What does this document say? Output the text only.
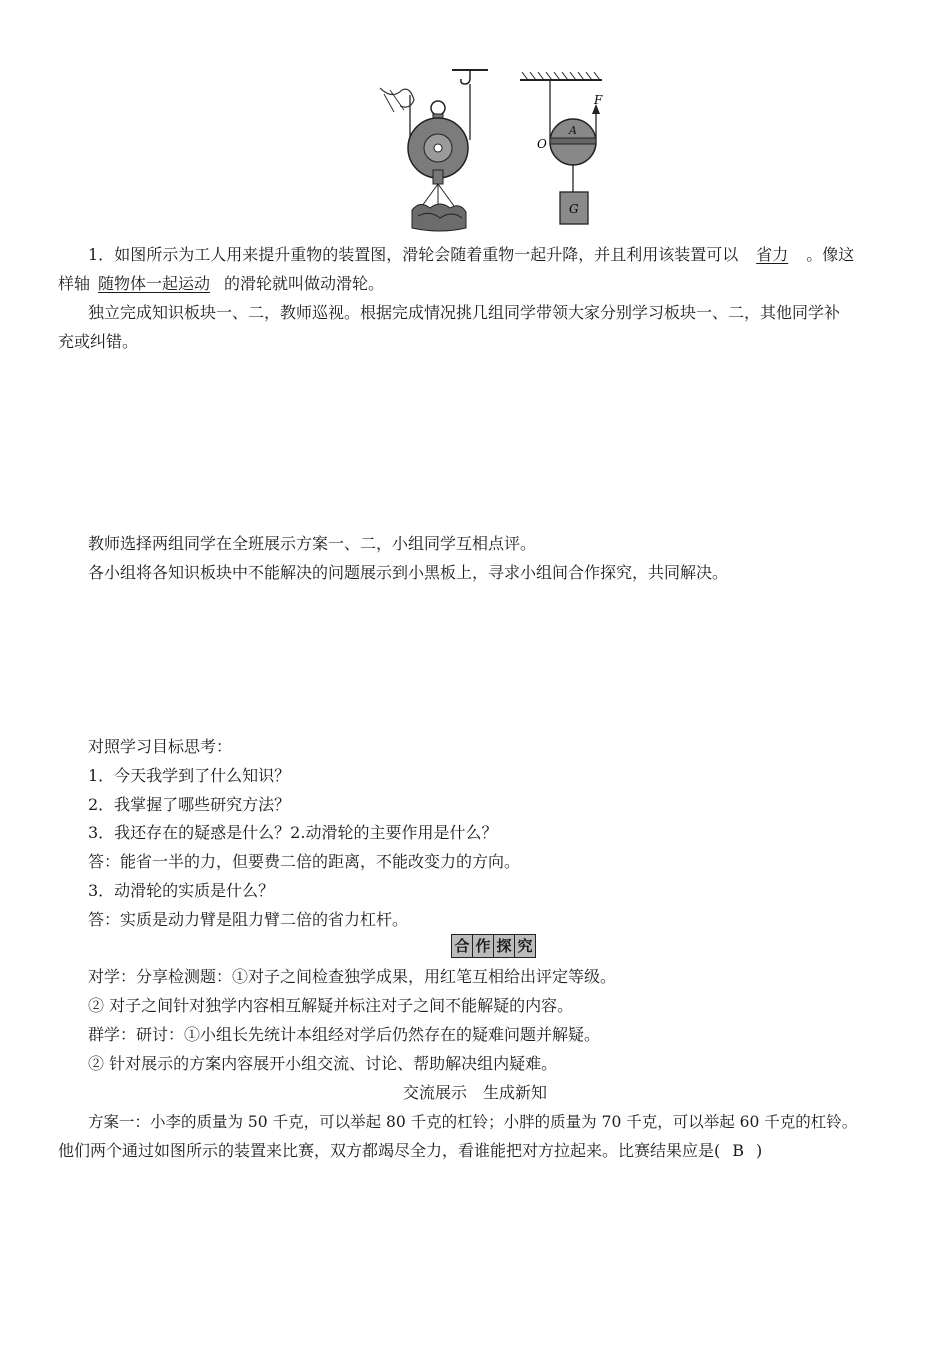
F
O
A
G
1．如图所示为工人用来提升重物的装置图，滑轮会随着重物一起升降，并且利用该装置可以 省力 。像这
样轴 随物体一起运动 的滑轮就叫做动滑轮。
独立完成知识板块一、二，教师巡视。根据完成情况挑几组同学带领大家分别学习板块一、二，其他同学补
充或纠错。
教师选择两组同学在全班展示方案一、二，小组同学互相点评。
各小组将各知识板块中不能解决的问题展示到小黑板上，寻求小组间合作探究，共同解决。
对照学习目标思考：
1．今天我学到了什么知识？
2．我掌握了哪些研究方法？
3．我还存在的疑惑是什么？2.动滑轮的主要作用是什么？
答：能省一半的力，但要费二倍的距离，不能改变力的方向。
3．动滑轮的实质是什么？
答：实质是动力臂是阻力臂二倍的省力杠杆。
合 作 探 究
对学：分享检测题：①对子之间检查独学成果，用红笔互相给出评定等级。
② 对子之间针对独学内容相互解疑并标注对子之间不能解疑的内容。
群学：研讨：①小组长先统计本组经对学后仍然存在的疑难问题并解疑。
② 针对展示的方案内容展开小组交流、讨论、帮助解决组内疑难。
交流展示　生成新知
方案一：小李的质量为 50 千克，可以举起 80 千克的杠铃；小胖的质量为 70 千克，可以举起 60 千克的杠铃。
他们两个通过如图所示的装置来比赛，双方都竭尽全力，看谁能把对方拉起来。比赛结果应是( B )
